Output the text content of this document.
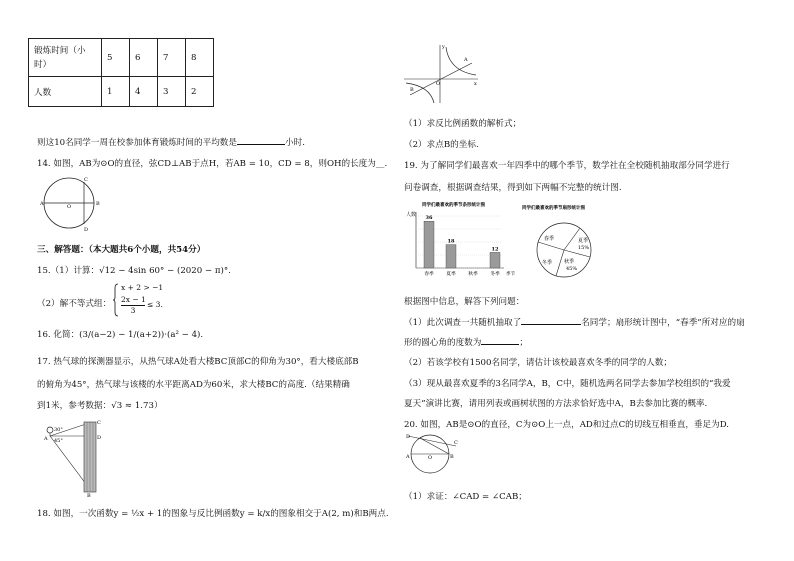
锻炼时间（小
时）	5	6	7	8
人数	1	4	3	2
则这10名同学一周在校参加体育锻炼时间的平均数是	小时.
14. 如图，AB为⊙O的直径，弦CD⊥AB于点H，若AB = 10，CD = 8，则OH的长度为__.
A	O
C
D
B
三、解答题：（本大题共6个小题，共54分）
15.（1）计算：√12 − 4sin 60° − (2020 − π)°.
（2）解不等式组：
x + 2 > −1
2x − 1
3
≤ 3.
16. 化简：(3/(a−2) − 1/(a+2))·(a² − 4).
17. 热气球的探测器显示，从热气球A处看大楼BC顶部C的仰角为30°，看大楼底部B
的俯角为45°，热气球与该楼的水平距离AD为60米，求大楼BC的高度.（结果精确
到1米，参考数据：√3 ≈ 1.73）
30°
45°
A
C
D
B
18. 如图，一次函数y = ½x + 1的图象与反比例函数y = k/x的图象相交于A(2, m)和B两点.
A
B
O
y
x
（1）求反比例函数的解析式；
（2）求点B的坐标.
19. 为了解同学们最喜欢一年四季中的哪个季节，数学社在全校随机抽取部分同学进行
问卷调查，根据调查结果，得到如下两幅不完整的统计图.
同学们最喜欢的季节条形统计图
人数
季节
36
春季
18
夏季	秋季
12
冬季
同学们最喜欢的季节扇形统计图
夏季
15%
秋季
45%
春季
冬季
根据图中信息，解答下列问题：
（1）此次调查一共随机抽取了	名同学；扇形统计图中，“春季”所对应的扇
形的圆心角的度数为	；
（2）若该学校有1500名同学，请估计该校最喜欢冬季的同学的人数；
（3）现从最喜欢夏季的3名同学A，B，C中，随机选两名同学去参加学校组织的“我爱
夏天”演讲比赛，请用列表或画树状图的方法求恰好选中A，B去参加比赛的概率.
20. 如图，AB是⊙O的直径，C为⊙O上一点，AD和过点C的切线互相垂直，垂足为D.
A	B
C
D
O
（1）求证：∠CAD = ∠CAB；
